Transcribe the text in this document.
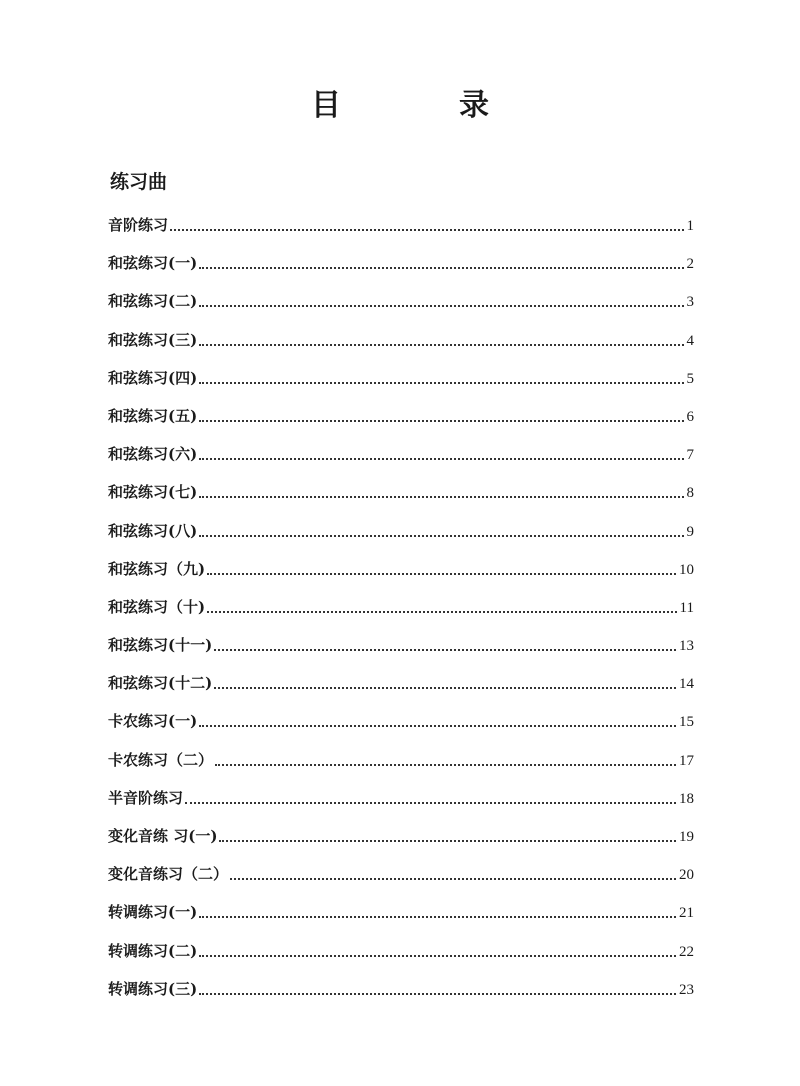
目　录
练习曲
音阶练习	1
和弦练习(一)	2
和弦练习(二)	3
和弦练习(三)	4
和弦练习(四)	5
和弦练习(五)	6
和弦练习(六)	7
和弦练习(七)	8
和弦练习(八)	9
和弦练习（九)	10
和弦练习（十)	11
和弦练习(十一)	13
和弦练习(十二)	14
卡农练习(一)	15
卡农练习（二）	17
半音阶练习	18
变化音练 习(一)	19
变化音练习（二）	20
转调练习(一)	21
转调练习(二)	22
转调练习(三)	23
